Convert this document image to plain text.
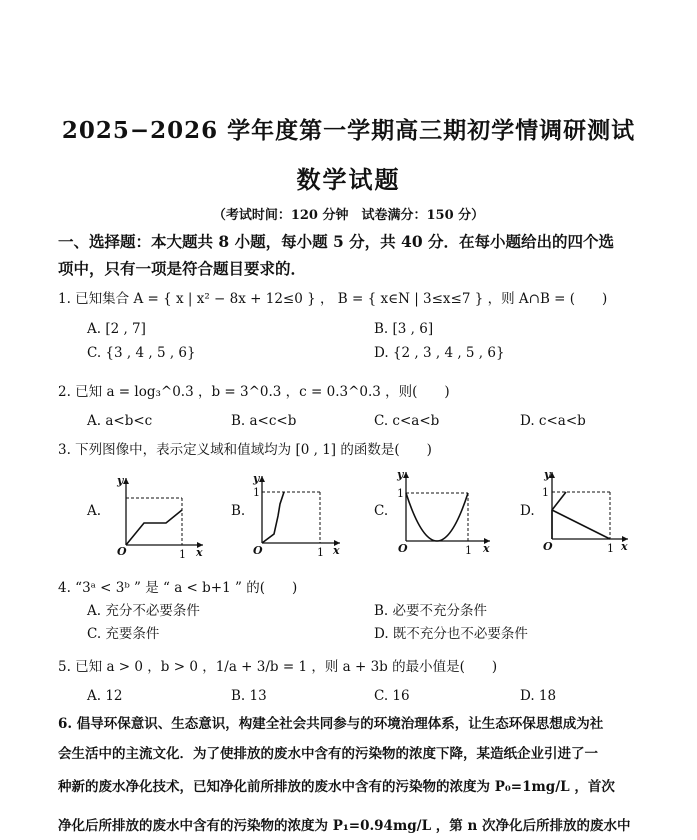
2025−2026 学年度第一学期高三期初学情调研测试
数学试题
（考试时间：120 分钟　试卷满分：150 分）
一、选择题：本大题共 8 小题，每小题 5 分，共 40 分．在每小题给出的四个选
项中，只有一项是符合题目要求的．
1. 已知集合 A = { x | x² − 8x + 12≤0 } ， B = { x∈N | 3≤x≤7 } ，则 A∩B = (　　)
A. [2 , 7]	B. [3 , 6]
C. {3 , 4 , 5 , 6}	D. {2 , 3 , 4 , 5 , 6}
2. 已知 a = log₃^0.3 ，b = 3^0.3 ，c = 0.3^0.3 ，则(　　)
A. a<b<c	B. a<c<b	C. c<a<b	D. c<a<b
3. 下列图像中，表示定义域和值域均为 [0 , 1] 的函数是(　　)
A.	B.	C.	D.
y
x
O	1
y
1
x
O	1
y
1
x
O	1
y
1
x
O	1
4. “3ᵃ < 3ᵇ ” 是 “ a < b+1 ” 的(　　)
A. 充分不必要条件	B. 必要不充分条件
C. 充要条件	D. 既不充分也不必要条件
5. 已知 a > 0 ，b > 0 ，1/a + 3/b = 1 ，则 a + 3b 的最小值是(　　)
A. 12	B. 13	C. 16	D. 18
6. 倡导环保意识、生态意识，构建全社会共同参与的环境治理体系，让生态环保思想成为社
会生活中的主流文化．为了使排放的废水中含有的污染物的浓度下降，某造纸企业引进了一
种新的废水净化技术，已知净化前所排放的废水中含有的污染物的浓度为 P₀=1mg/L ，首次
净化后所排放的废水中含有的污染物的浓度为 P₁=0.94mg/L ，第 n 次净化后所排放的废水中
